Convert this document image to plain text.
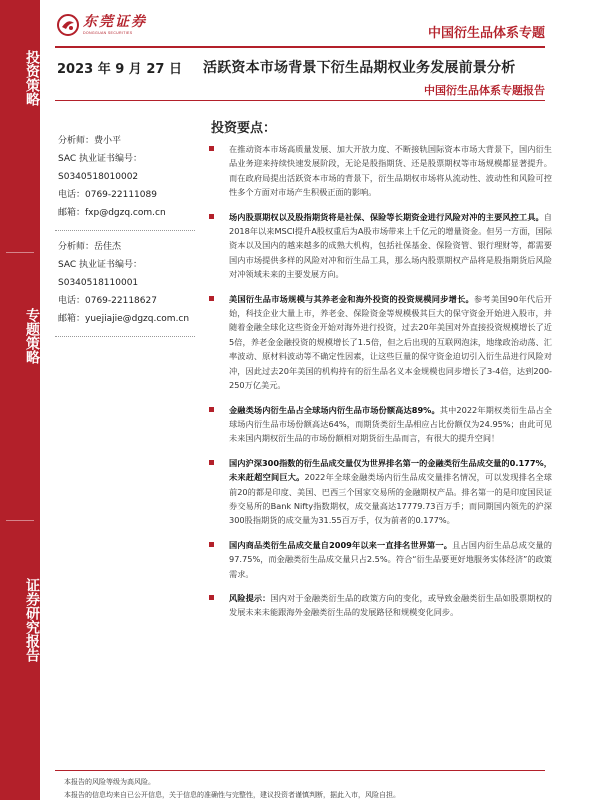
投资策略
专题策略
证券研究报告
东莞证券
DONGGUAN SECURITIES	中国衍生品体系专题
2023 年 9 月 27 日 活跃资本市场背景下衍生品期权业务发展前景分析
中国衍生品体系专题报告
分析师：费小平
SAC 执业证书编号：
S0340518010002
电话：0769-22111089
邮箱：fxp@dgzq.com.cn
分析师：岳佳杰
SAC 执业证书编号：
S0340518110001
电话：0769-22118627
邮箱：yuejiajie@dgzq.com.cn
投资要点：
在推动资本市场高质量发展、加大开放力度、不断接轨国际资本市场大背景下，国内衍生品业务迎来持续快速发展阶段，无论是股指期货、还是股票期权等市场规模都显著提升。而在政府局提出活跃资本市场的背景下，衍生品期权市场将从流动性、波动性和风险可控性多个方面对市场产生积极正面的影响。
场内股票期权以及股指期货将是社保、保险等长期资金进行风险对冲的主要风控工具。自2018年以来MSCI提升A股权重后为A股市场带来上千亿元的增量资金。但另一方面，国际资本以及国内的越来越多的成熟大机构，包括社保基金、保险资管、银行理财等，都需要国内市场提供多样的风险对冲和衍生品工具，那么场内股票期权产品将是股指期货后风险对冲领域未来的主要发展方向。
美国衍生品市场规模与其养老金和海外投资的投资规模同步增长。参考美国90年代后开始，科技企业大量上市，养老金、保险资金等规模极其巨大的保守资金开始进入股市，并随着金融全球化这些资金开始对海外进行投资，过去20年美国对外直接投资规模增长了近5倍，养老金金融投资的规模增长了1.5倍，但之后出现的互联网泡沫，地缘政治动荡、汇率波动、原材料波动等不确定性因素，让这些巨量的保守资金迫切引入衍生品进行风险对冲，因此过去20年美国的机构持有的衍生品名义本金规模也同步增长了3-4倍，达到200-250万亿美元。
金融类场内衍生品占全球场内衍生品市场份额高达89%。其中2022年期权类衍生品占全球场内衍生品市场份额高达64%，而期货类衍生品相应占比份额仅为24.95%；由此可见未来国内期权衍生品的市场份额相对期货衍生品而言，有很大的提升空间！
国内沪深300指数的衍生品成交量仅为世界排名第一的金融类衍生品成交量的0.177%，未来赶超空间巨大。2022年全球金融类场内衍生品成交量排名情况，可以发现排名全球前20的都是印度、美国、巴西三个国家交易所的金融期权产品。排名第一的是印度国民证券交易所的Bank Nifty指数期权，成交量高达17779.73百万手；而同期国内领先的沪深300股指期货的成交量为31.55百万手，仅为前者的0.177%。
国内商品类衍生品成交量自2009年以来一直排名世界第一。且占国内衍生品总成交量的97.75%，而金融类衍生品成交量只占2.5%。符合“衍生品要更好地服务实体经济”的政策需求。
风险提示：国内对于金融类衍生品的政策方向的变化，或导致金融类衍生品如股票期权的发展未来未能跟海外金融类衍生品的发展路径和规模变化同步。
本报告的风险等级为高风险。
本报告的信息均来自已公开信息，关于信息的准确性与完整性，建议投资者谨慎判断，据此入市，风险自担。
